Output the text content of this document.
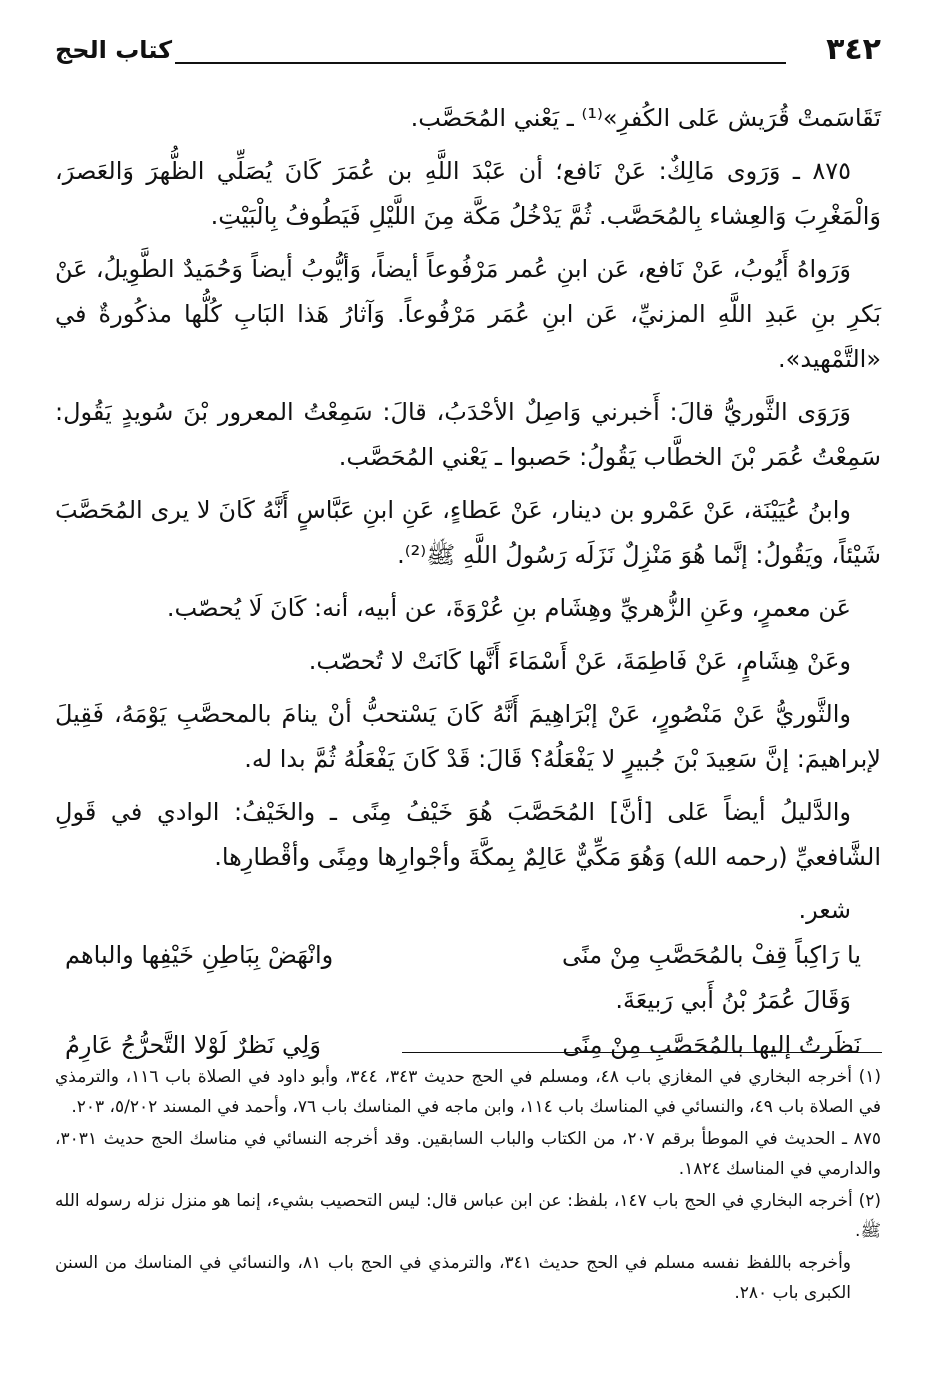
٣٤٢
كتاب الحج

تَقَاسَمتْ قُرَيش عَلى الكُفرِ»⁽¹⁾ ـ يَعْني المُحَصَّب.

٨٧٥ ـ وَرَوى مَالِكٌ: عَنْ نَافع؛ أن عَبْدَ اللَّهِ بن عُمَرَ كَانَ يُصَلِّي الظُّهرَ وَالعَصرَ، وَالْمَغْرِبَ وَالعِشاء بِالمُحَصَّب. ثُمَّ يَدْخُلُ مَكَّة مِنَ اللَّيْلِ فَيَطُوفُ بِالْبَيْتِ.

وَرَواهُ أَيُوبُ، عَنْ نَافع، عَن ابنِ عُمر مَرْفُوعاً أيضاً، وَأيُّوبُ أيضاً وَحُمَيدٌ الطَّوِيلُ، عَنْ بَكرِ بنِ عَبدِ اللَّهِ المزنيِّ، عَن ابنِ عُمَر مَرْفُوعاً. وَآثارُ هَذا البَابِ كُلُّها مذكُورةٌ في «التَّمْهيد».

وَرَوَى الثَّوريُّ قالَ: أَخبرني وَاصِلٌ الأحْدَبُ، قالَ: سَمِعْتُ المعرور بْنَ سُويدٍ يَقُول: سَمِعْتُ عُمَر بْنَ الخطَّاب يَقُولُ: حَصبوا ـ يَعْني المُحَصَّب.

وابنُ عُيَيْنَة، عَنْ عَمْرو بن دينار، عَنْ عَطاءٍ، عَنِ ابنِ عَبَّاسٍ أَنَّهُ كَانَ لا يرى المُحَصَّبَ شَيْئاً، ويَقُولُ: إنَّما هُوَ مَنْزِلٌ نَزَلَه رَسُولُ اللَّهِ ﷺ⁽²⁾.

عَن معمرٍ، وعَنِ الزُّهريِّ وهِشَام بنِ عُرْوَةَ، عن أبيه، أنه: كَانَ لَا يُحصّب.

وعَنْ هِشَامٍ، عَنْ فَاطِمَةَ، عَنْ أَسْمَاءَ أَنَّها كَانَتْ لا تُحصّب.

والثَّوريُّ عَنْ مَنْصُورٍ، عَنْ إبْرَاهِيمَ أَنَّهُ كَانَ يَسْتحبُّ أنْ ينامَ بالمحصَّبِ يَوْمَهُ، فَقِيلَ لإبراهيمَ: إنَّ سَعِيدَ بْنَ جُبيرٍ لا يَفْعَلُهُ؟ قَالَ: قَدْ كَانَ يَفْعَلُهُ ثُمَّ بدا له.

والدَّليلُ أيضاً عَلى [أنَّ] المُحَصَّبَ هُوَ خَيْفُ مِنًى ـ والخَيْفُ: الوادي في قَولِ الشَّافعيِّ (رحمه الله) وَهُوَ مَكِّيٌّ عَالِمٌ بِمكَّةَ وأجْوارِها ومِنًى وأقْطارِها.

شعر.
يا رَاكِباً قِفْ بالمُحَصَّبِ مِنْ منًى
وانْهَضْ بِبَاطِنِ خَيْفِها والباهم
وَقَالَ عُمَرُ بْنُ أَبي رَبيعَةَ.
نَظَرتُ إليها بالمُحَصَّبِ مِنْ مِنًى
وَلِي نَظرٌ لَوْلا التَّحرُّجُ عَارِمُ

(١) أخرجه البخاري في المغازي باب ٤٨، ومسلم في الحج حديث ٣٤٣، ٣٤٤، وأبو داود في الصلاة باب ١١٦، والترمذي في الصلاة باب ٤٩، والنسائي في المناسك باب ١١٤، وابن ماجه في المناسك باب ٧٦، وأحمد في المسند ٥/٢٠٢، ٢٠٣.

٨٧٥ ـ الحديث في الموطأ برقم ٢٠٧، من الكتاب والباب السابقين. وقد أخرجه النسائي في مناسك الحج حديث ٣٠٣١، والدارمي في المناسك ١٨٢٤.

(٢) أخرجه البخاري في الحج باب ١٤٧، بلفظ: عن ابن عباس قال: ليس التحصيب بشيء، إنما هو منزل نزله رسوله الله ﷺ.

وأخرجه باللفظ نفسه مسلم في الحج حديث ٣٤١، والترمذي في الحج باب ٨١، والنسائي في المناسك من السنن الكبرى باب ٢٨٠.
